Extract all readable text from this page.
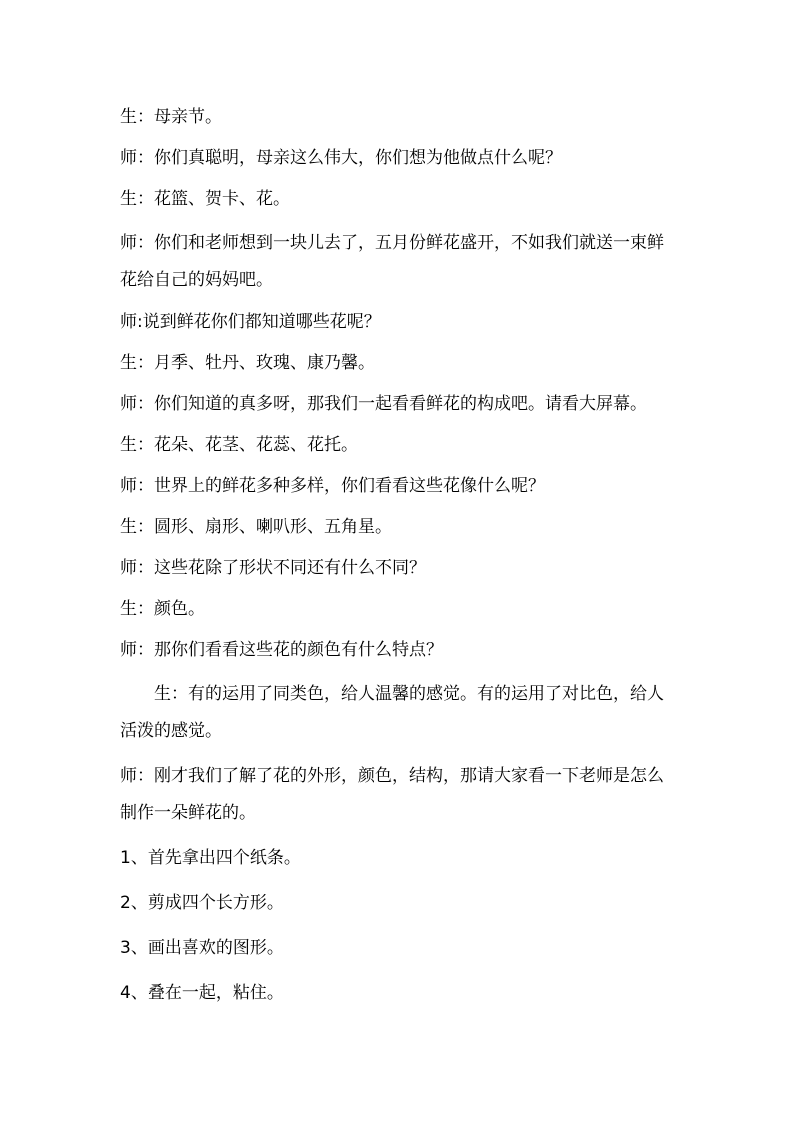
生：母亲节。

师：你们真聪明，母亲这么伟大，你们想为他做点什么呢？

生：花篮、贺卡、花。

师：你们和老师想到一块儿去了，五月份鲜花盛开，不如我们就送一束鲜花给自己的妈妈吧。

师:说到鲜花你们都知道哪些花呢？

生：月季、牡丹、玫瑰、康乃馨。

师：你们知道的真多呀，那我们一起看看鲜花的构成吧。请看大屏幕。

生：花朵、花茎、花蕊、花托。

师：世界上的鲜花多种多样，你们看看这些花像什么呢？

生：圆形、扇形、喇叭形、五角星。

师：这些花除了形状不同还有什么不同？

生：颜色。

师：那你们看看这些花的颜色有什么特点？

生：有的运用了同类色，给人温馨的感觉。有的运用了对比色，给人活泼的感觉。

师：刚才我们了解了花的外形，颜色，结构，那请大家看一下老师是怎么制作一朵鲜花的。

1、首先拿出四个纸条。

2、剪成四个长方形。

3、画出喜欢的图形。

4、叠在一起，粘住。
